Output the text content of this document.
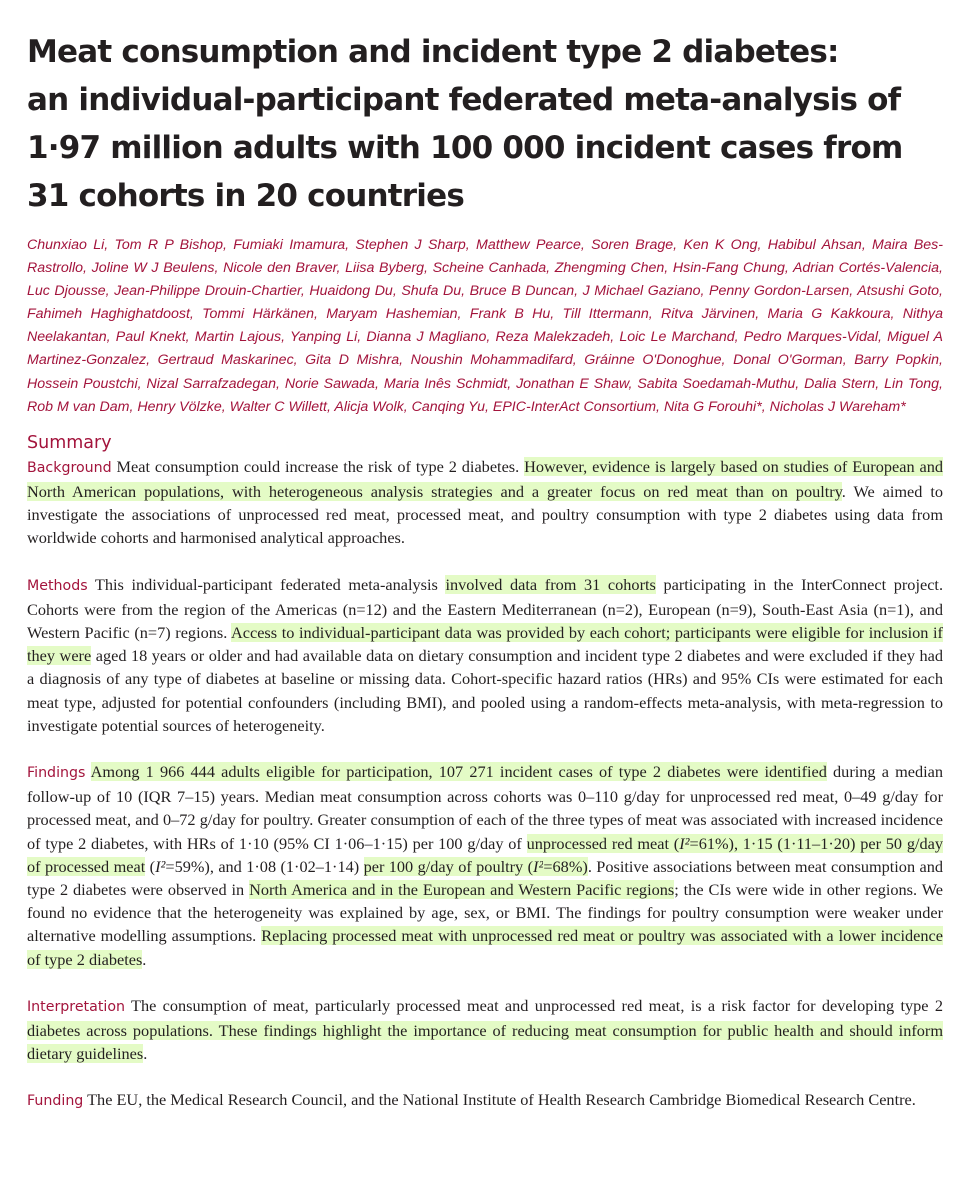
Meat consumption and incident type 2 diabetes:
an individual-participant federated meta-analysis of
1·97 million adults with 100 000 incident cases from
31 cohorts in 20 countries
Chunxiao Li, Tom R P Bishop, Fumiaki Imamura, Stephen J Sharp, Matthew Pearce, Soren Brage, Ken K Ong, Habibul Ahsan, Maira Bes-Rastrollo, Joline W J Beulens, Nicole den Braver, Liisa Byberg, Scheine Canhada, Zhengming Chen, Hsin-Fang Chung, Adrian Cortés-Valencia, Luc Djousse, Jean-Philippe Drouin-Chartier, Huaidong Du, Shufa Du, Bruce B Duncan, J Michael Gaziano, Penny Gordon-Larsen, Atsushi Goto, Fahimeh Haghighatdoost, Tommi Härkänen, Maryam Hashemian, Frank B Hu, Till Ittermann, Ritva Järvinen, Maria G Kakkoura, Nithya Neelakantan, Paul Knekt, Martin Lajous, Yanping Li, Dianna J Magliano, Reza Malekzadeh, Loic Le Marchand, Pedro Marques-Vidal, Miguel A Martinez-Gonzalez, Gertraud Maskarinec, Gita D Mishra, Noushin Mohammadifard, Gráinne O'Donoghue, Donal O'Gorman, Barry Popkin, Hossein Poustchi, Nizal Sarrafzadegan, Norie Sawada, Maria Inês Schmidt, Jonathan E Shaw, Sabita Soedamah-Muthu, Dalia Stern, Lin Tong, Rob M van Dam, Henry Völzke, Walter C Willett, Alicja Wolk, Canqing Yu, EPIC-InterAct Consortium, Nita G Forouhi*, Nicholas J Wareham*
Summary

Background Meat consumption could increase the risk of type 2 diabetes. However, evidence is largely based on studies of European and North American populations, with heterogeneous analysis strategies and a greater focus on red meat than on poultry. We aimed to investigate the associations of unprocessed red meat, processed meat, and poultry consumption with type 2 diabetes using data from worldwide cohorts and harmonised analytical approaches.

Methods This individual-participant federated meta-analysis involved data from 31 cohorts participating in the InterConnect project. Cohorts were from the region of the Americas (n=12) and the Eastern Mediterranean (n=2), European (n=9), South-East Asia (n=1), and Western Pacific (n=7) regions. Access to individual-participant data was provided by each cohort; participants were eligible for inclusion if they were aged 18 years or older and had available data on dietary consumption and incident type 2 diabetes and were excluded if they had a diagnosis of any type of diabetes at baseline or missing data. Cohort-specific hazard ratios (HRs) and 95% CIs were estimated for each meat type, adjusted for potential confounders (including BMI), and pooled using a random-effects meta-analysis, with meta-regression to investigate potential sources of heterogeneity.

Findings Among 1 966 444 adults eligible for participation, 107 271 incident cases of type 2 diabetes were identified during a median follow-up of 10 (IQR 7–15) years. Median meat consumption across cohorts was 0–110 g/day for unprocessed red meat, 0–49 g/day for processed meat, and 0–72 g/day for poultry. Greater consumption of each of the three types of meat was associated with increased incidence of type 2 diabetes, with HRs of 1·10 (95% CI 1·06–1·15) per 100 g/day of unprocessed red meat (I²=61%), 1·15 (1·11–1·20) per 50 g/day of processed meat (I²=59%), and 1·08 (1·02–1·14) per 100 g/day of poultry (I²=68%). Positive associations between meat consumption and type 2 diabetes were observed in North America and in the European and Western Pacific regions; the CIs were wide in other regions. We found no evidence that the heterogeneity was explained by age, sex, or BMI. The findings for poultry consumption were weaker under alternative modelling assumptions. Replacing processed meat with unprocessed red meat or poultry was associated with a lower incidence of type 2 diabetes.

Interpretation The consumption of meat, particularly processed meat and unprocessed red meat, is a risk factor for developing type 2 diabetes across populations. These findings highlight the importance of reducing meat consumption for public health and should inform dietary guidelines.

Funding The EU, the Medical Research Council, and the National Institute of Health Research Cambridge Biomedical Research Centre.
